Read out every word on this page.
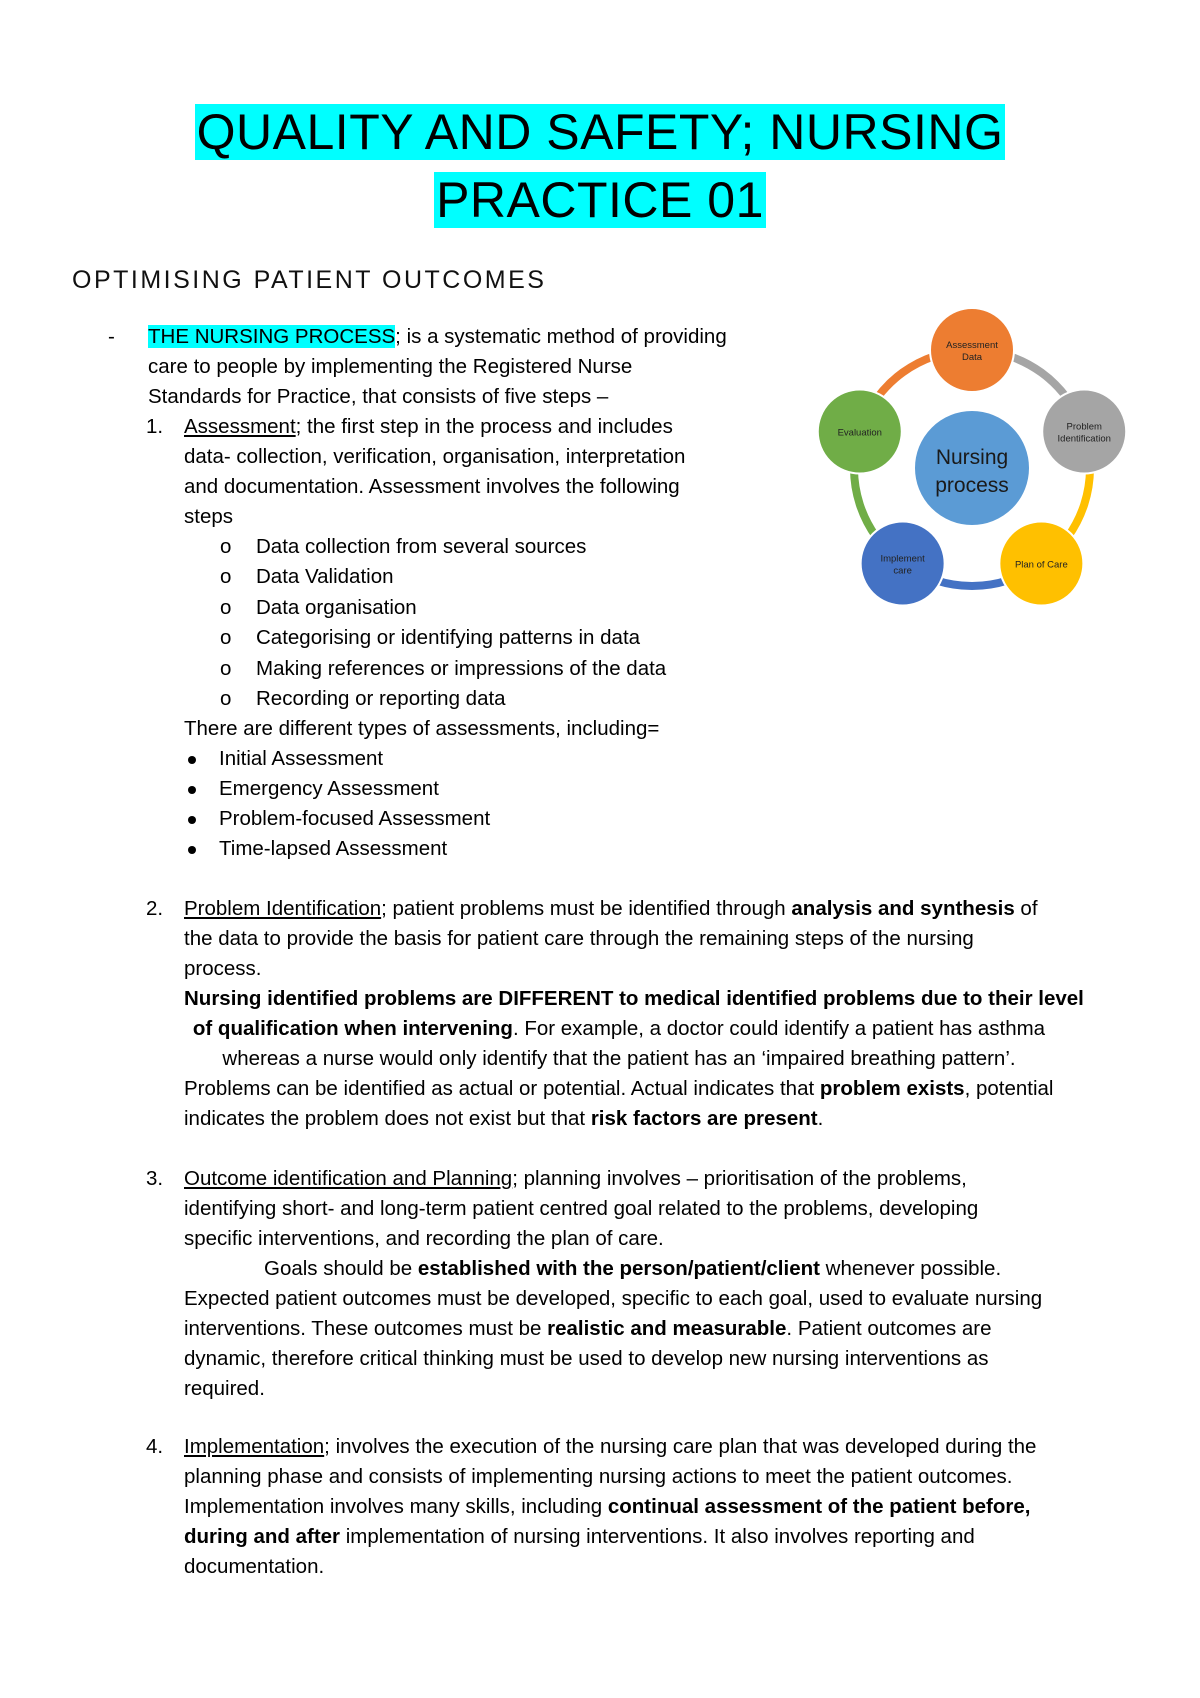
QUALITY AND SAFETY; NURSING
PRACTICE 01
OPTIMISING PATIENT OUTCOMES
- THE NURSING PROCESS; is a systematic method of providing
care to people by implementing the Registered Nurse
Standards for Practice, that consists of five steps –
1. Assessment; the first step in the process and includes
data- collection, verification, organisation, interpretation
and documentation. Assessment involves the following
steps
o Data collection from several sources
o Data Validation
o Data organisation
o Categorising or identifying patterns in data
o Making references or impressions of the data
o Recording or reporting data
There are different types of assessments, including=
Initial Assessment
Emergency Assessment
Problem-focused Assessment
Time-lapsed Assessment
2. Problem Identification; patient problems must be identified through analysis and synthesis of
the data to provide the basis for patient care through the remaining steps of the nursing
process.
Nursing identified problems are DIFFERENT to medical identified problems due to their level
of qualification when intervening. For example, a doctor could identify a patient has asthma
whereas a nurse would only identify that the patient has an ‘impaired breathing pattern’.
Problems can be identified as actual or potential. Actual indicates that problem exists, potential
indicates the problem does not exist but that risk factors are present.
3. Outcome identification and Planning; planning involves – prioritisation of the problems,
identifying short- and long-term patient centred goal related to the problems, developing
specific interventions, and recording the plan of care.
Goals should be established with the person/patient/client whenever possible.
Expected patient outcomes must be developed, specific to each goal, used to evaluate nursing
interventions. These outcomes must be realistic and measurable. Patient outcomes are
dynamic, therefore critical thinking must be used to develop new nursing interventions as
required.
4. Implementation; involves the execution of the nursing care plan that was developed during the
planning phase and consists of implementing nursing actions to meet the patient outcomes.
Implementation involves many skills, including continual assessment of the patient before,
during and after implementation of nursing interventions. It also involves reporting and
documentation.
Nursing
process
Assessment
Data
Problem
Identification
Plan of Care
Implement
care
Evaluation
